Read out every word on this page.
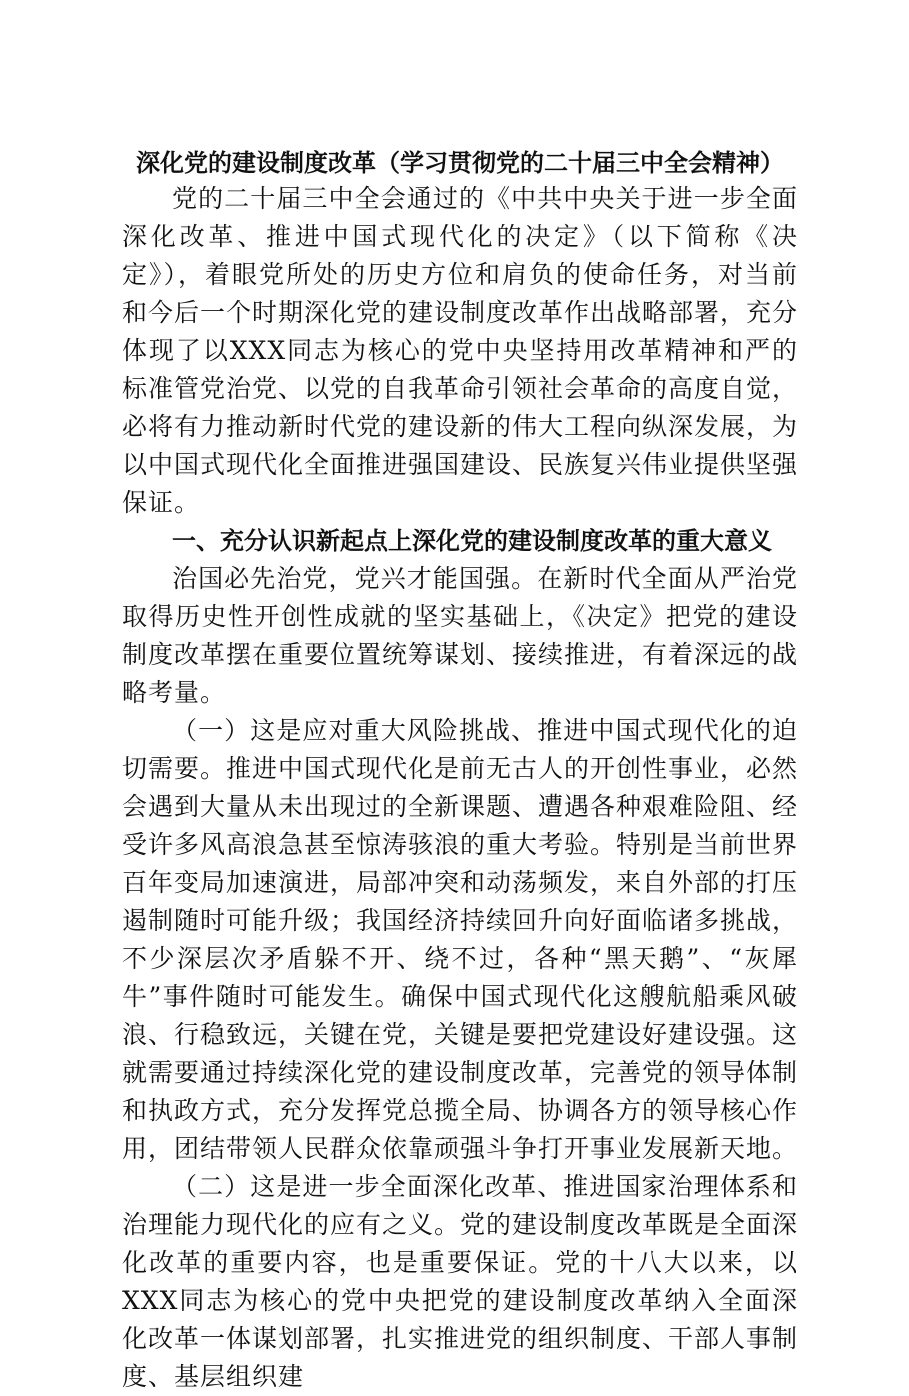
深化党的建设制度改革（学习贯彻党的二十届三中全会精神）

党的二十届三中全会通过的《中共中央关于进一步全面深化改革、推进中国式现代化的决定》（以下简称《决定》），着眼党所处的历史方位和肩负的使命任务，对当前和今后一个时期深化党的建设制度改革作出战略部署，充分体现了以XXX同志为核心的党中央坚持用改革精神和严的标准管党治党、以党的自我革命引领社会革命的高度自觉，必将有力推动新时代党的建设新的伟大工程向纵深发展，为以中国式现代化全面推进强国建设、民族复兴伟业提供坚强保证。

一、充分认识新起点上深化党的建设制度改革的重大意义

治国必先治党，党兴才能国强。在新时代全面从严治党取得历史性开创性成就的坚实基础上，《决定》把党的建设制度改革摆在重要位置统筹谋划、接续推进，有着深远的战略考量。

（一）这是应对重大风险挑战、推进中国式现代化的迫切需要。推进中国式现代化是前无古人的开创性事业，必然会遇到大量从未出现过的全新课题、遭遇各种艰难险阻、经受许多风高浪急甚至惊涛骇浪的重大考验。特别是当前世界百年变局加速演进，局部冲突和动荡频发，来自外部的打压遏制随时可能升级；我国经济持续回升向好面临诸多挑战，不少深层次矛盾躲不开、绕不过，各种“黑天鹅”、“灰犀牛”事件随时可能发生。确保中国式现代化这艘航船乘风破浪、行稳致远，关键在党，关键是要把党建设好建设强。这就需要通过持续深化党的建设制度改革，完善党的领导体制和执政方式，充分发挥党总揽全局、协调各方的领导核心作用，团结带领人民群众依靠顽强斗争打开事业发展新天地。

（二）这是进一步全面深化改革、推进国家治理体系和治理能力现代化的应有之义。党的建设制度改革既是全面深化改革的重要内容，也是重要保证。党的十八大以来，以XXX同志为核心的党中央把党的建设制度改革纳入全面深化改革一体谋划部署，扎实推进党的组织制度、干部人事制度、基层组织建
